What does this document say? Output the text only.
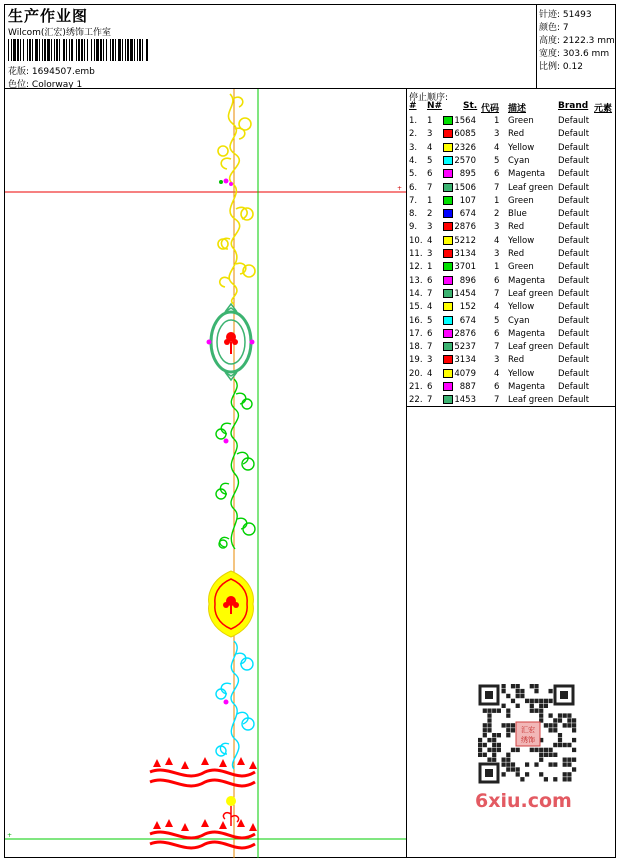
生产作业图
Wilcom(汇宏)绣饰工作室
花版: 1694507.emb
色位: Colorway 1
针迹: 51493
颜色: 7
高度: 2122.3 mm
宽度: 303.6 mm
比例: 0.12
+
+
停止顺序:
# N# St. 代码 描述	Brand 元素
1. 1	1564 1 Green	Default
2. 3	6085 3 Red	Default
3. 4	2326 4 Yellow	Default
4. 5	2570 5 Cyan	Default
5. 6	895 6 Magenta Default
6. 7	1506 7 Leaf green Default
7. 1	107 1 Green	Default
8. 2	674 2 Blue	Default
9. 3	2876 3 Red	Default
10. 4	5212 4 Yellow	Default
11. 3	3134 3 Red	Default
12. 1	3701 1 Green	Default
13. 6	896 6 Magenta Default
14. 7	1454 7 Leaf green Default
15. 4	152 4 Yellow	Default
16. 5	674 5 Cyan	Default
17. 6	2876 6 Magenta Default
18. 7	5237 7 Leaf green Default
19. 3	3134 3 Red	Default
20. 4	4079 4 Yellow	Default
21. 6	887 6 Magenta Default
22. 7	1453 7 Leaf green Default
汇宏
绣饰
6xiu.com
